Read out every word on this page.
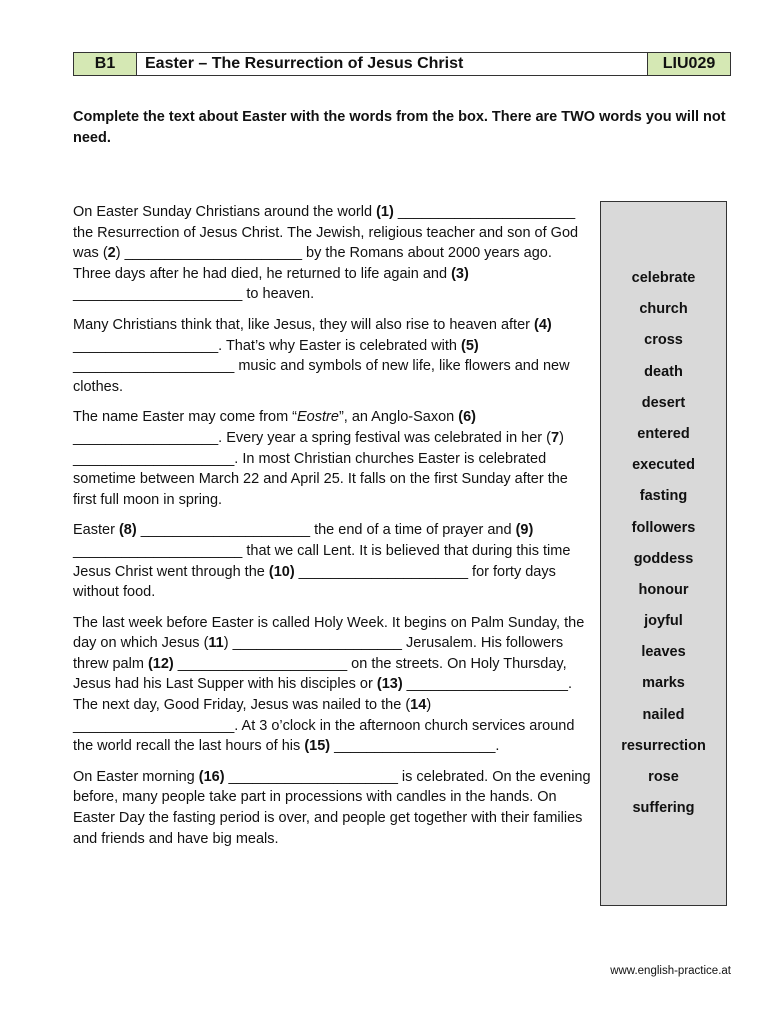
B1	Easter – The Resurrection of Jesus Christ	LIU029
Complete the text about Easter with the words from the box. There are TWO words you will not need.

On Easter Sunday Christians around the world (1) ______________________ the Resurrection of Jesus Christ. The Jewish, religious teacher and son of God was (2) ______________________ by the Romans about 2000 years ago. Three days after he had died, he returned to life again and (3) _____________________ to heaven.

Many Christians think that, like Jesus, they will also rise to heaven after (4) __________________. That’s why Easter is celebrated with (5) ____________________ music and symbols of new life, like flowers and new clothes.

The name Easter may come from “Eostre”, an Anglo-Saxon (6) __________________. Every year a spring festival was celebrated in her (7) ____________________. In most Christian churches Easter is celebrated sometime between March 22 and April 25. It falls on the first Sunday after the first full moon in spring.

Easter (8) _____________________ the end of a time of prayer and (9) _____________________ that we call Lent. It is believed that during this time Jesus Christ went through the (10) _____________________ for forty days without food.

The last week before Easter is called Holy Week. It begins on Palm Sunday, the day on which Jesus (11) _____________________ Jerusalem. His followers threw palm (12) _____________________ on the streets. On Holy Thursday, Jesus had his Last Supper with his disciples or (13) ____________________. The next day, Good Friday, Jesus was nailed to the (14) ____________________. At 3 o’clock in the afternoon church services around the world recall the last hours of his (15) ____________________.

On Easter morning (16) _____________________ is celebrated. On the evening before, many people take part in processions with candles in the hands. On Easter Day the fasting period is over, and people get together with their families and friends and have big meals.

celebrate
church
cross
death
desert
entered
executed
fasting
followers
goddess
honour
joyful
leaves
marks
nailed
resurrection
rose
suffering
www.english-practice.at
